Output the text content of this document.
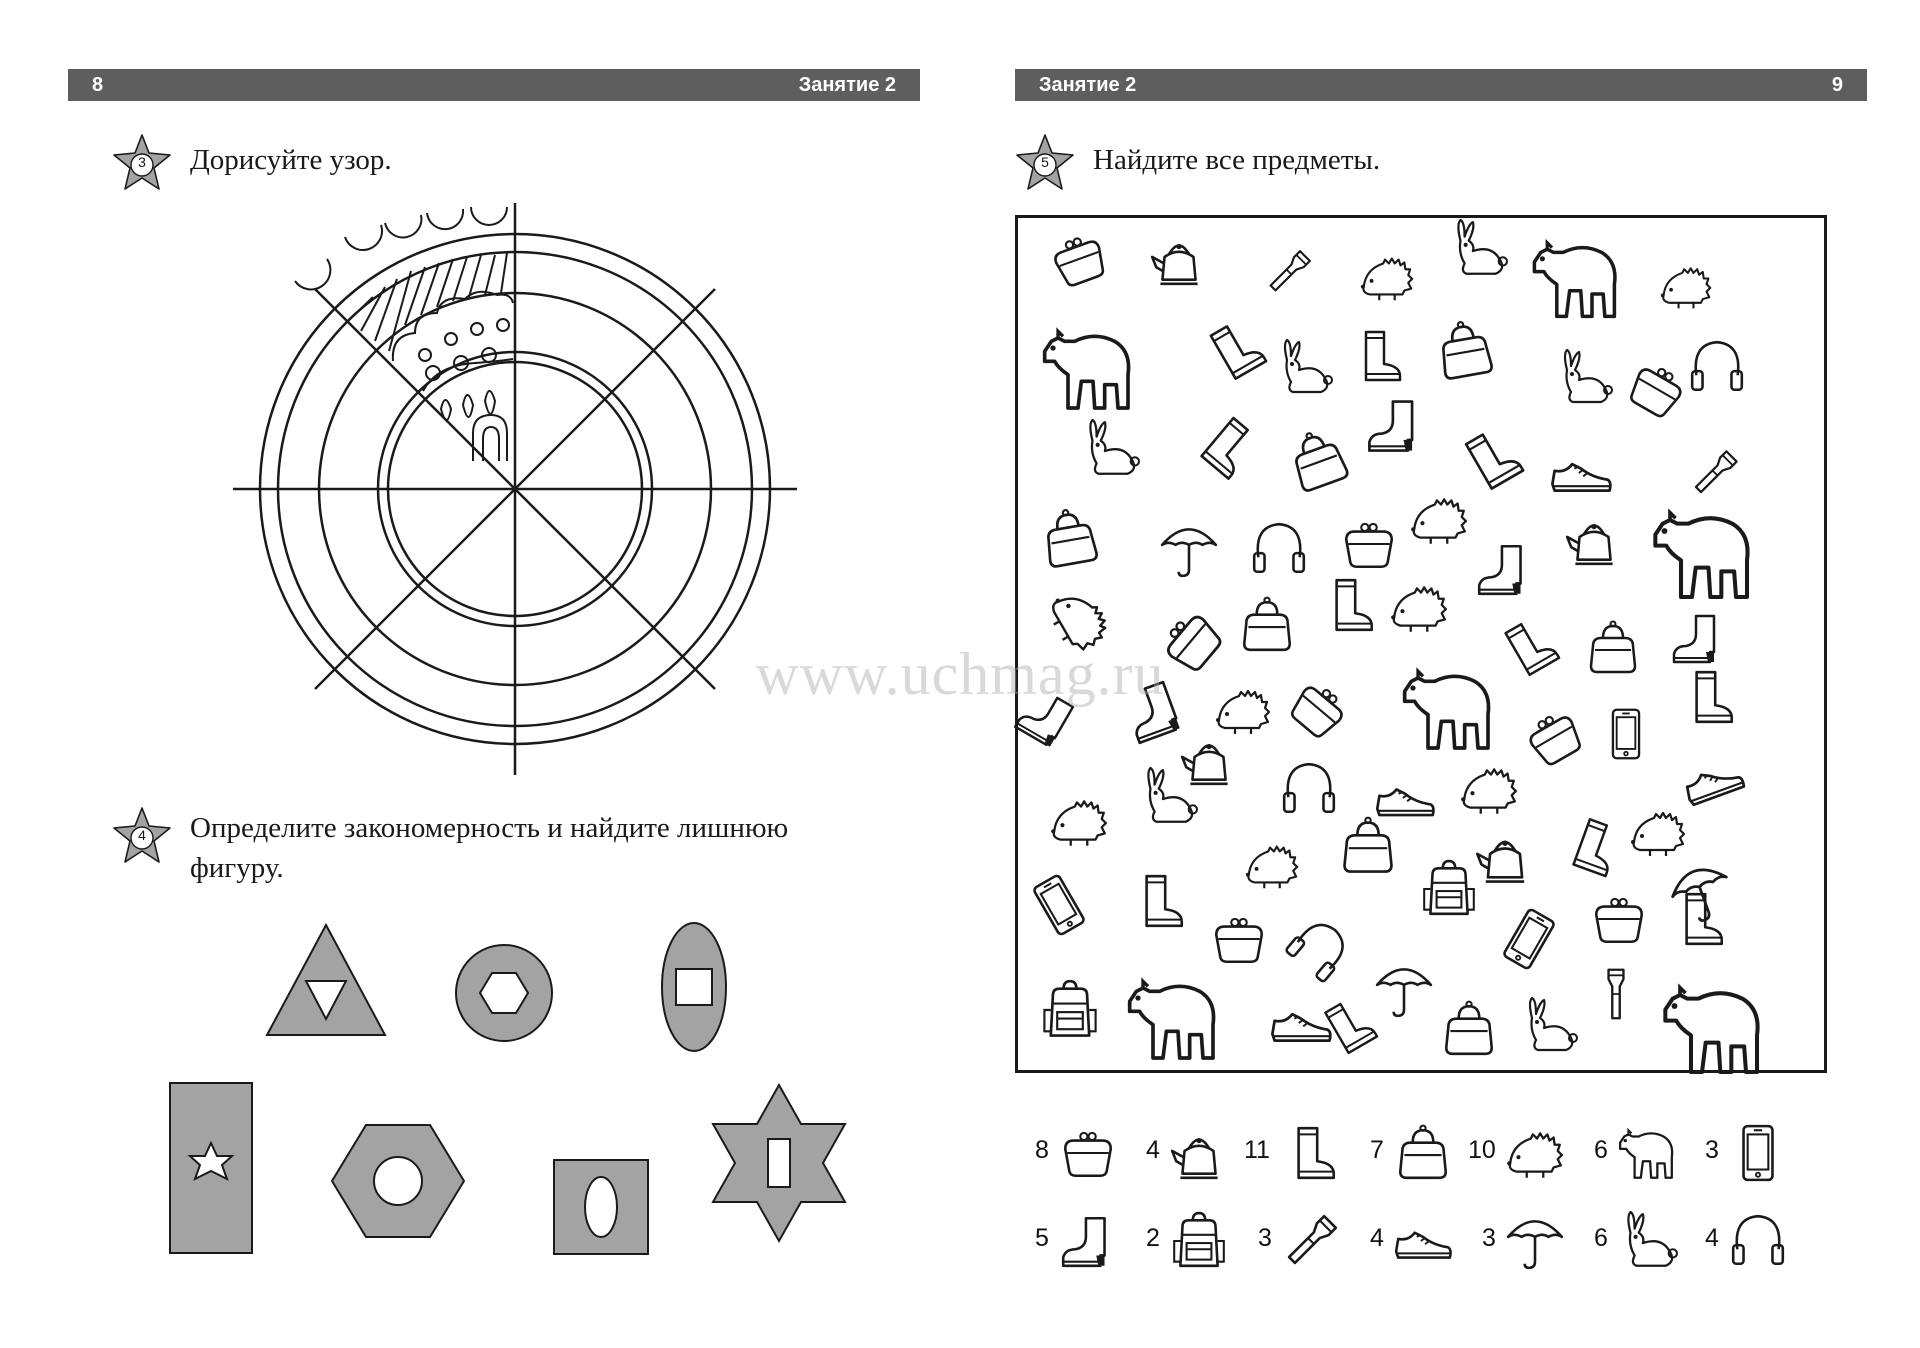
8	Занятие 2
3	Дорисуйте узор.
4	Определите закономерность и найдите лишнюю
фигуру.
Занятие 2	9
5	Найдите все предметы.
8	4	11	7	10	6	3
5	2	3	4	3	6	4
www.uchmag.ru
